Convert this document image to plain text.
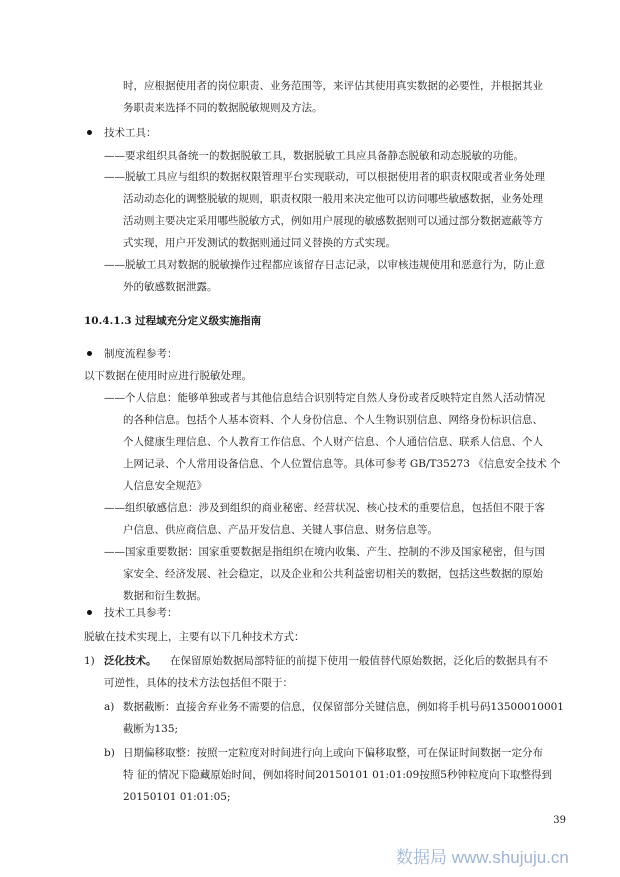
时，应根据使用者的岗位职责、业务范围等，来评估其使用真实数据的必要性，并根据其业
务职责来选择不同的数据脱敏规则及方法。
技术工具：
——要求组织具备统一的数据脱敏工具，数据脱敏工具应具备静态脱敏和动态脱敏的功能。
——脱敏工具应与组织的数据权限管理平台实现联动，可以根据使用者的职责权限或者业务处理
活动动态化的调整脱敏的规则，职责权限一般用来决定他可以访问哪些敏感数据，业务处理
活动则主要决定采用哪些脱敏方式，例如用户展现的敏感数据则可以通过部分数据遮蔽等方
式实现，用户开发测试的数据则通过同义替换的方式实现。
——脱敏工具对数据的脱敏操作过程都应该留存日志记录，以审核违规使用和恶意行为，防止意
外的敏感数据泄露。
10.4.1.3 过程域充分定义级实施指南
制度流程参考：
以下数据在使用时应进行脱敏处理。
——个人信息：能够单独或者与其他信息结合识别特定自然人身份或者反映特定自然人活动情况
的各种信息。包括个人基本资料、个人身份信息、个人生物识别信息、网络身份标识信息、
个人健康生理信息、个人教育工作信息、个人财产信息、个人通信信息、联系人信息、个人
上网记录、个人常用设备信息、个人位置信息等。具体可参考 GB/T35273 《信息安全技术 个
人信息安全规范》
——组织敏感信息：涉及到组织的商业秘密、经营状况、核心技术的重要信息，包括但不限于客
户信息、供应商信息、产品开发信息、关键人事信息、财务信息等。
——国家重要数据：国家重要数据是指组织在境内收集、产生、控制的不涉及国家秘密，但与国
家安全、经济发展、社会稳定，以及企业和公共利益密切相关的数据，包括这些数据的原始
数据和衍生数据。
技术工具参考：
脱敏在技术实现上，主要有以下几种技术方式：
1) 泛化技术。 在保留原始数据局部特征的前提下使用一般值替代原始数据，泛化后的数据具有不
可逆性，具体的技术方法包括但不限于：
a) 数据截断：直接舍弃业务不需要的信息，仅保留部分关键信息，例如将手机号码13500010001
截断为135;
b) 日期偏移取整：按照一定粒度对时间进行向上或向下偏移取整，可在保证时间数据一定分布
特 征的情况下隐藏原始时间，例如将时间20150101 01:01:09按照5秒钟粒度向下取整得到
20150101 01:01:05;
39
数据局 www.shujuju.cn
